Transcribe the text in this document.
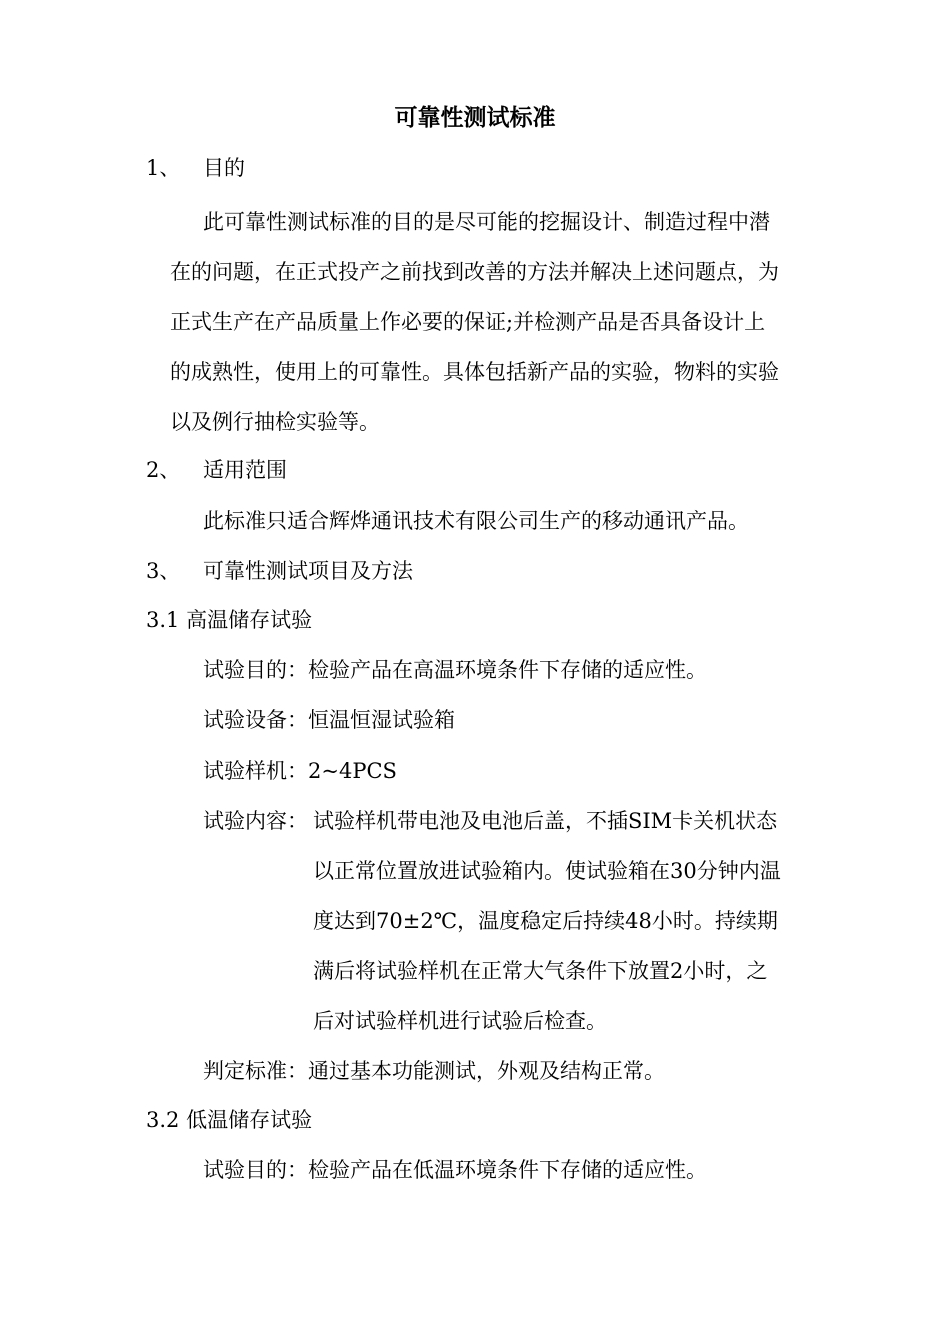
可靠性测试标准
1、 目的
此可靠性测试标准的目的是尽可能的挖掘设计、制造过程中潜
在的问题，在正式投产之前找到改善的方法并解决上述问题点，为
正式生产在产品质量上作必要的保证;并检测产品是否具备设计上
的成熟性，使用上的可靠性。具体包括新产品的实验，物料的实验
以及例行抽检实验等。
2、 适用范围
此标准只适合辉烨通讯技术有限公司生产的移动通讯产品。
3、 可靠性测试项目及方法
3.1 高温储存试验
试验目的：检验产品在高温环境条件下存储的适应性。
试验设备：恒温恒湿试验箱
试验样机：2~4PCS
试验内容： 试验样机带电池及电池后盖，不插SIM卡关机状态
以正常位置放进试验箱内。使试验箱在30分钟内温
度达到70±2℃，温度稳定后持续48小时。持续期
满后将试验样机在正常大气条件下放置2小时，之
后对试验样机进行试验后检查。
判定标准：通过基本功能测试，外观及结构正常。
3.2 低温储存试验
试验目的：检验产品在低温环境条件下存储的适应性。
